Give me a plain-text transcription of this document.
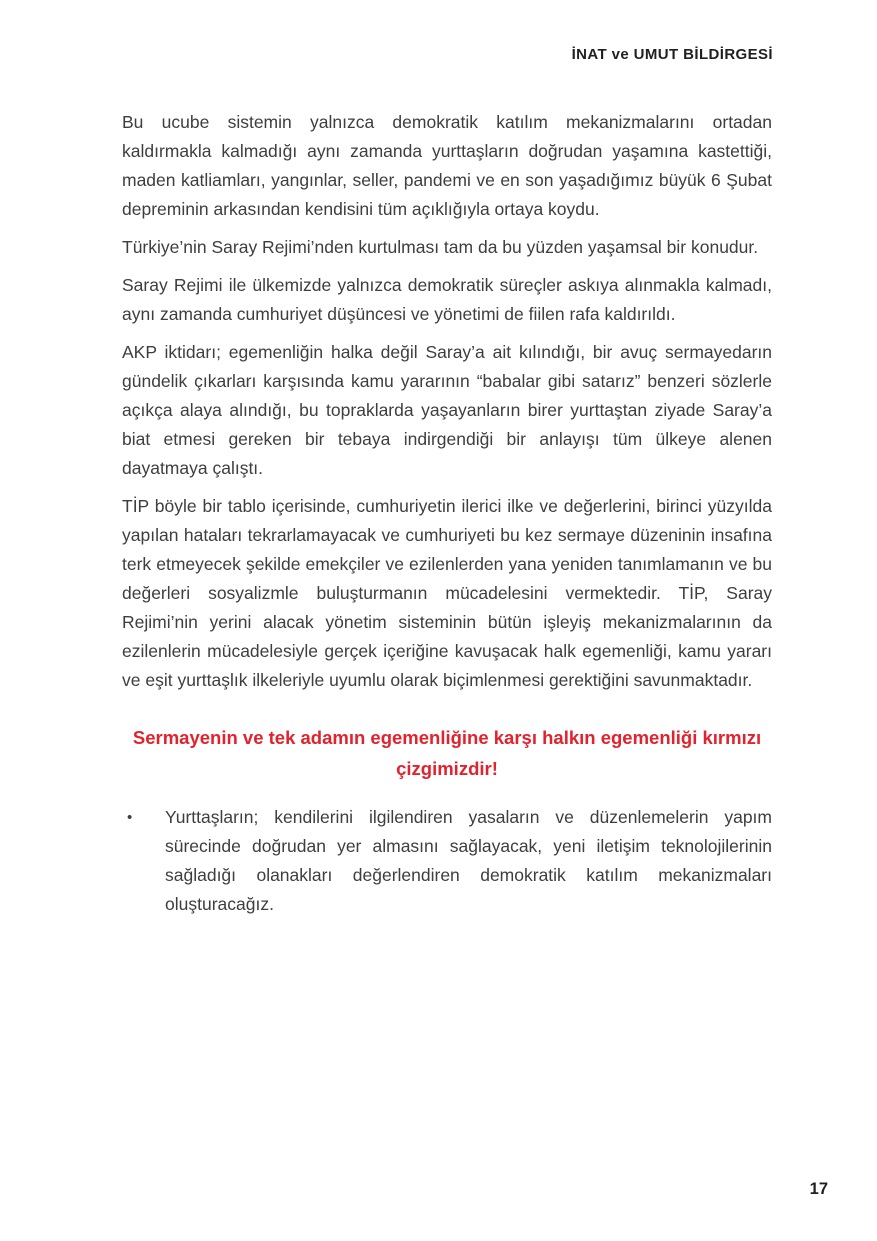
İNAT ve UMUT BİLDİRGESİ

Bu ucube sistemin yalnızca demokratik katılım mekanizmalarını ortadan kaldırmakla kalmadığı aynı zamanda yurttaşların doğrudan yaşamına kastettiği, maden katliamları, yangınlar, seller, pandemi ve en son yaşadığımız büyük 6 Şubat depreminin arkasından kendisini tüm açıklığıyla ortaya koydu.

Türkiye’nin Saray Rejimi’nden kurtulması tam da bu yüzden yaşamsal bir konudur.

Saray Rejimi ile ülkemizde yalnızca demokratik süreçler askıya alınmakla kalmadı, aynı zamanda cumhuriyet düşüncesi ve yönetimi de fiilen rafa kaldırıldı.

AKP iktidarı; egemenliğin halka değil Saray’a ait kılındığı, bir avuç sermayedarın gündelik çıkarları karşısında kamu yararının “babalar gibi satarız” benzeri sözlerle açıkça alaya alındığı, bu topraklarda yaşayanların birer yurttaştan ziyade Saray’a biat etmesi gereken bir tebaya indirgendiği bir anlayışı tüm ülkeye alenen dayatmaya çalıştı.

TİP böyle bir tablo içerisinde, cumhuriyetin ilerici ilke ve değerlerini, birinci yüzyılda yapılan hataları tekrarlamayacak ve cumhuriyeti bu kez sermaye düzeninin insafına terk etmeyecek şekilde emekçiler ve ezilenlerden yana yeniden tanımlamanın ve bu değerleri sosyalizmle buluşturmanın mücadelesini vermektedir. TİP, Saray Rejimi’nin yerini alacak yönetim sisteminin bütün işleyiş mekanizmalarının da ezilenlerin mücadelesiyle gerçek içeriğine kavuşacak halk egemenliği, kamu yararı ve eşit yurttaşlık ilkeleriyle uyumlu olarak biçimlenmesi gerektiğini savunmaktadır.

Sermayenin ve tek adamın egemenliğine karşı halkın egemenliği kırmızı çizgimizdir!
•	Yurttaşların; kendilerini ilgilendiren yasaların ve düzenlemelerin yapım sürecinde doğrudan yer almasını sağlayacak, yeni iletişim teknolojilerinin sağladığı olanakları değerlendiren demokratik katılım mekanizmaları oluşturacağız.
17
